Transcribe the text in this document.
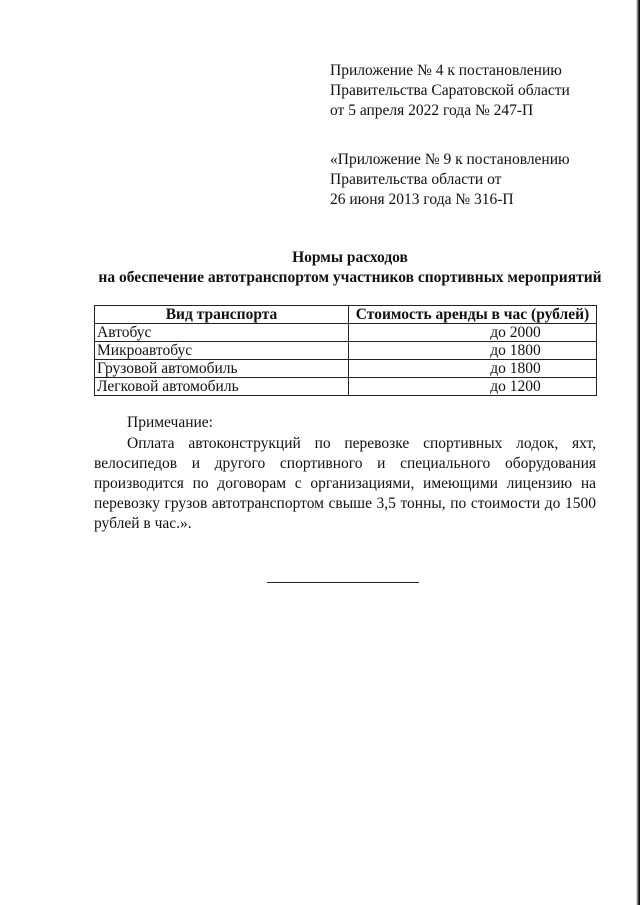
Приложение № 4 к постановлению
Правительства Саратовской области
от 5 апреля 2022 года № 247-П
«Приложение № 9 к постановлению
Правительства области от
26 июня 2013 года № 316-П
Нормы расходов
на обеспечение автотранспортом участников спортивных мероприятий
Вид транспорта	Стоимость аренды в час (рублей)
Автобус	до 2000
Микроавтобус	до 1800
Грузовой автомобиль	до 1800
Легковой автомобиль	до 1200
Примечание:
Оплата автоконструкций по перевозке спортивных лодок, яхт, велосипедов и другого спортивного и специального оборудования производится по договорам с организациями, имеющими лицензию на перевозку грузов автотранспортом свыше 3,5 тонны, по стоимости до 1500 рублей в час.».
